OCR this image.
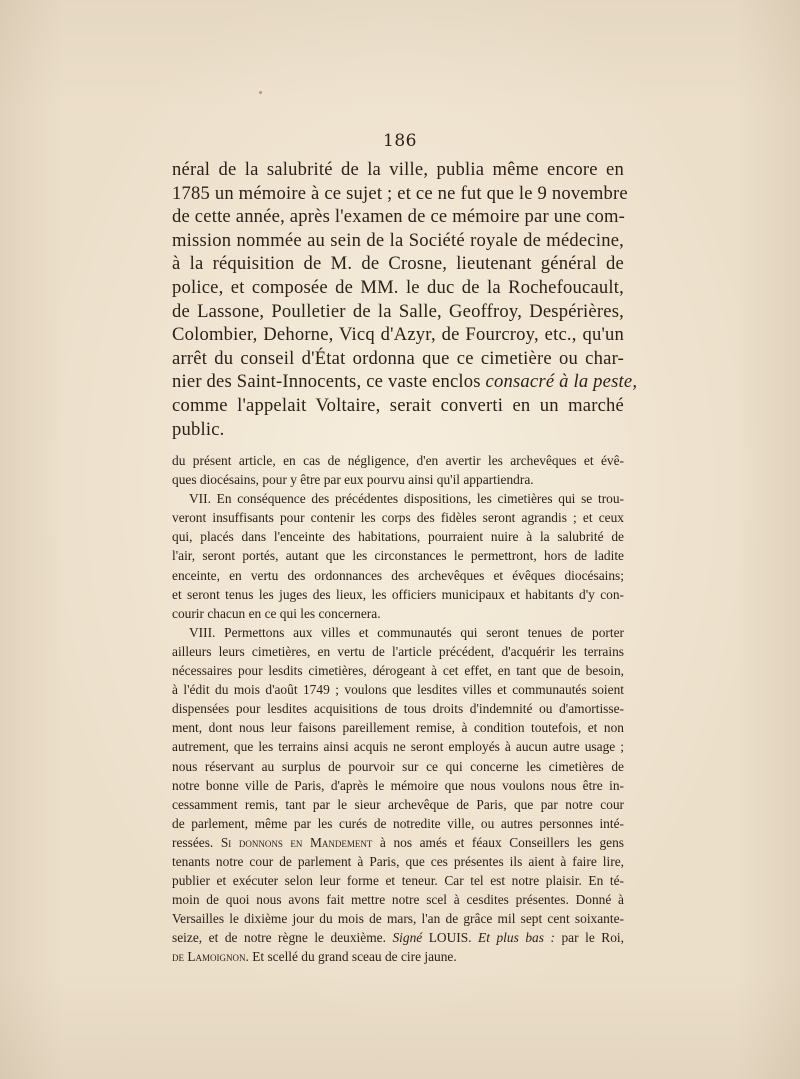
186
néral de la salubrité de la ville, publia même encore en
1785 un mémoire à ce sujet ; et ce ne fut que le 9 novembre
de cette année, après l'examen de ce mémoire par une com-
mission nommée au sein de la Société royale de médecine,
à la réquisition de M. de Crosne, lieutenant général de
police, et composée de MM. le duc de la Rochefoucault,
de Lassone, Poulletier de la Salle, Geoffroy, Despérières,
Colombier, Dehorne, Vicq d'Azyr, de Fourcroy, etc., qu'un
arrêt du conseil d'État ordonna que ce cimetière ou char-
nier des Saint-Innocents, ce vaste enclos consacré à la peste,
comme l'appelait Voltaire, serait converti en un marché
public.
du présent article, en cas de négligence, d'en avertir les archevêques et évê-
ques diocésains, pour y être par eux pourvu ainsi qu'il appartiendra.
VII. En conséquence des précédentes dispositions, les cimetières qui se trou-
veront insuffisants pour contenir les corps des fidèles seront agrandis ; et ceux
qui, placés dans l'enceinte des habitations, pourraient nuire à la salubrité de
l'air, seront portés, autant que les circonstances le permettront, hors de ladite
enceinte, en vertu des ordonnances des archevêques et évêques diocésains;
et seront tenus les juges des lieux, les officiers municipaux et habitants d'y con-
courir chacun en ce qui les concernera.
VIII. Permettons aux villes et communautés qui seront tenues de porter
ailleurs leurs cimetières, en vertu de l'article précédent, d'acquérir les terrains
nécessaires pour lesdits cimetières, dérogeant à cet effet, en tant que de besoin,
à l'édit du mois d'août 1749 ; voulons que lesdites villes et communautés soient
dispensées pour lesdites acquisitions de tous droits d'indemnité ou d'amortisse-
ment, dont nous leur faisons pareillement remise, à condition toutefois, et non
autrement, que les terrains ainsi acquis ne seront employés à aucun autre usage ;
nous réservant au surplus de pourvoir sur ce qui concerne les cimetières de
notre bonne ville de Paris, d'après le mémoire que nous voulons nous être in-
cessamment remis, tant par le sieur archevêque de Paris, que par notre cour
de parlement, même par les curés de notredite ville, ou autres personnes inté-
ressées. Si donnons en Mandement à nos amés et féaux Conseillers les gens
tenants notre cour de parlement à Paris, que ces présentes ils aient à faire lire,
publier et exécuter selon leur forme et teneur. Car tel est notre plaisir. En té-
moin de quoi nous avons fait mettre notre scel à cesdites présentes. Donné à
Versailles le dixième jour du mois de mars, l'an de grâce mil sept cent soixante-
seize, et de notre règne le deuxième. Signé LOUIS. Et plus bas : par le Roi,
de Lamoignon. Et scellé du grand sceau de cire jaune.
